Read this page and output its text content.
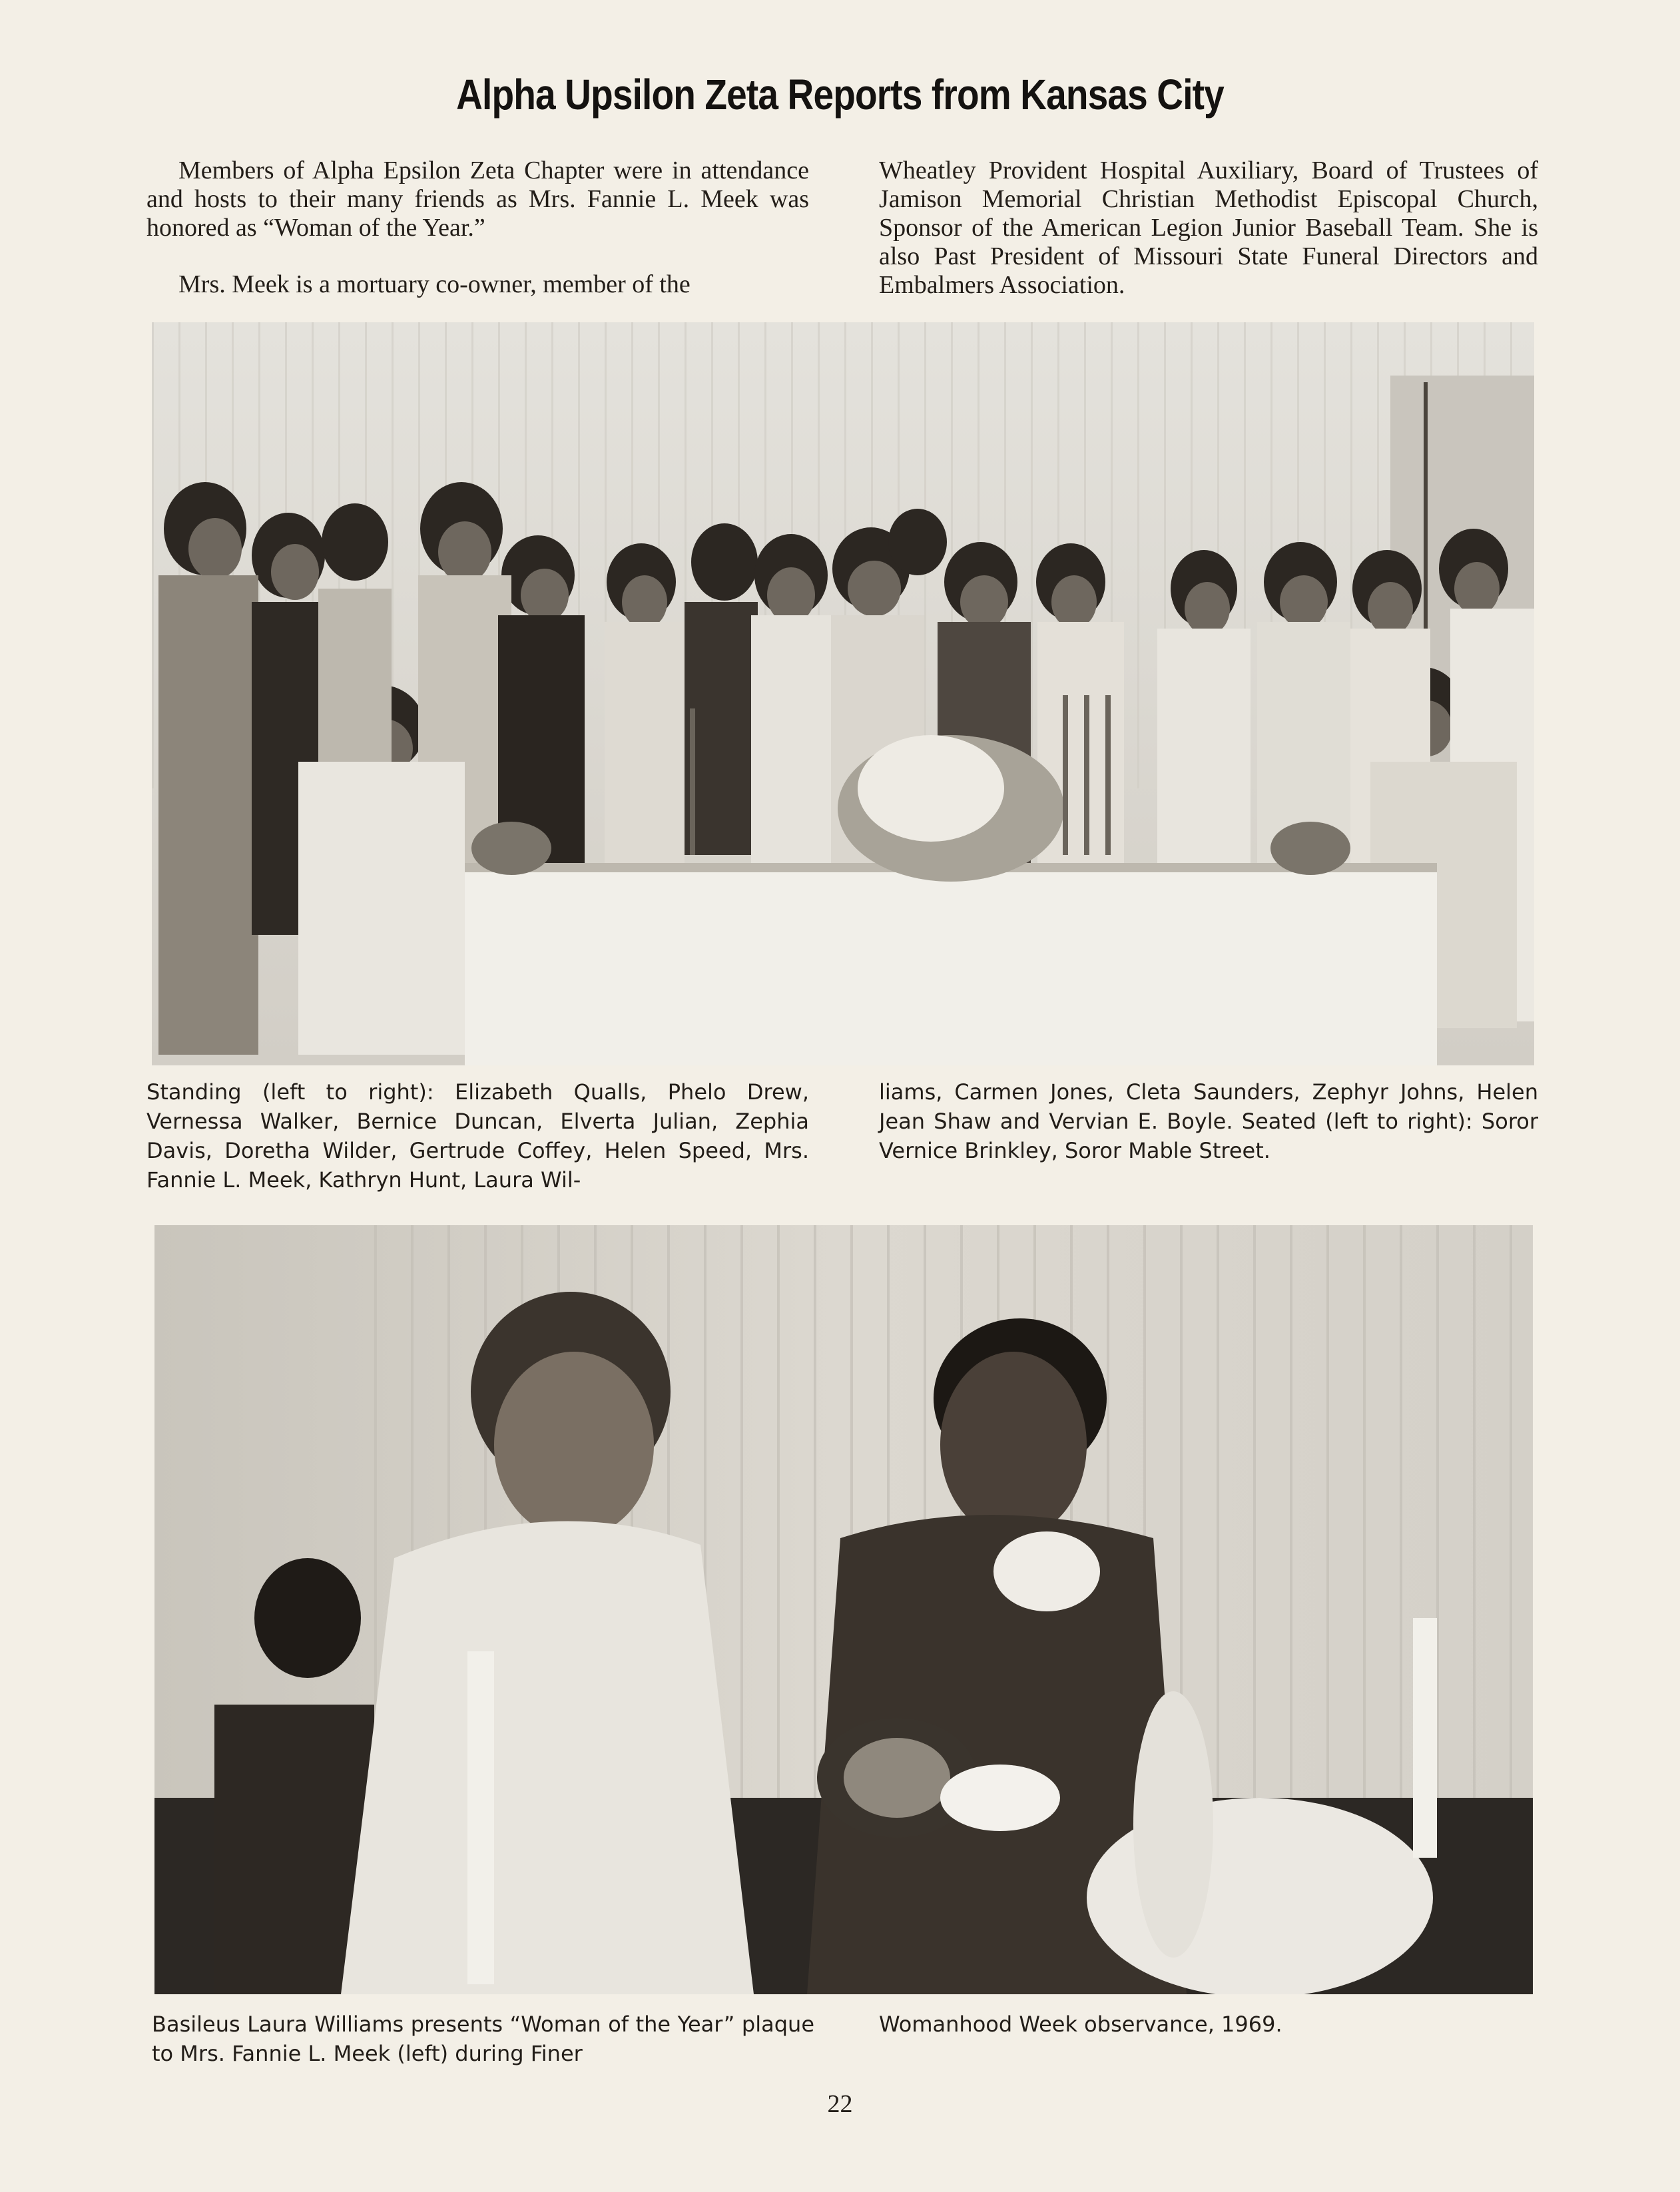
Alpha Upsilon Zeta Reports from Kansas City

Members of Alpha Epsilon Zeta Chapter were in attendance and hosts to their many friends as Mrs. Fannie L. Meek was honored as “Woman of the Year.”

Mrs. Meek is a mortuary co-owner, member of the

Wheatley Provident Hospital Auxiliary, Board of Trustees of Jamison Memorial Christian Methodist Episcopal Church, Sponsor of the American Legion Junior Baseball Team. She is also Past President of Missouri State Funeral Directors and Embalmers Association.

Standing (left to right): Elizabeth Qualls, Phelo Drew, Vernessa Walker, Bernice Duncan, Elverta Julian, Zephia Davis, Doretha Wilder, Gertrude Coffey, Helen Speed, Mrs. Fannie L. Meek, Kathryn Hunt, Laura Wil-
liams, Carmen Jones, Cleta Saunders, Zephyr Johns, Helen Jean Shaw and Vervian E. Boyle. Seated (left to right): Soror Vernice Brinkley, Soror Mable Street.
Basileus Laura Williams presents “Woman of the Year” plaque to Mrs. Fannie L. Meek (left) during Finer
Womanhood Week observance, 1969.
22
